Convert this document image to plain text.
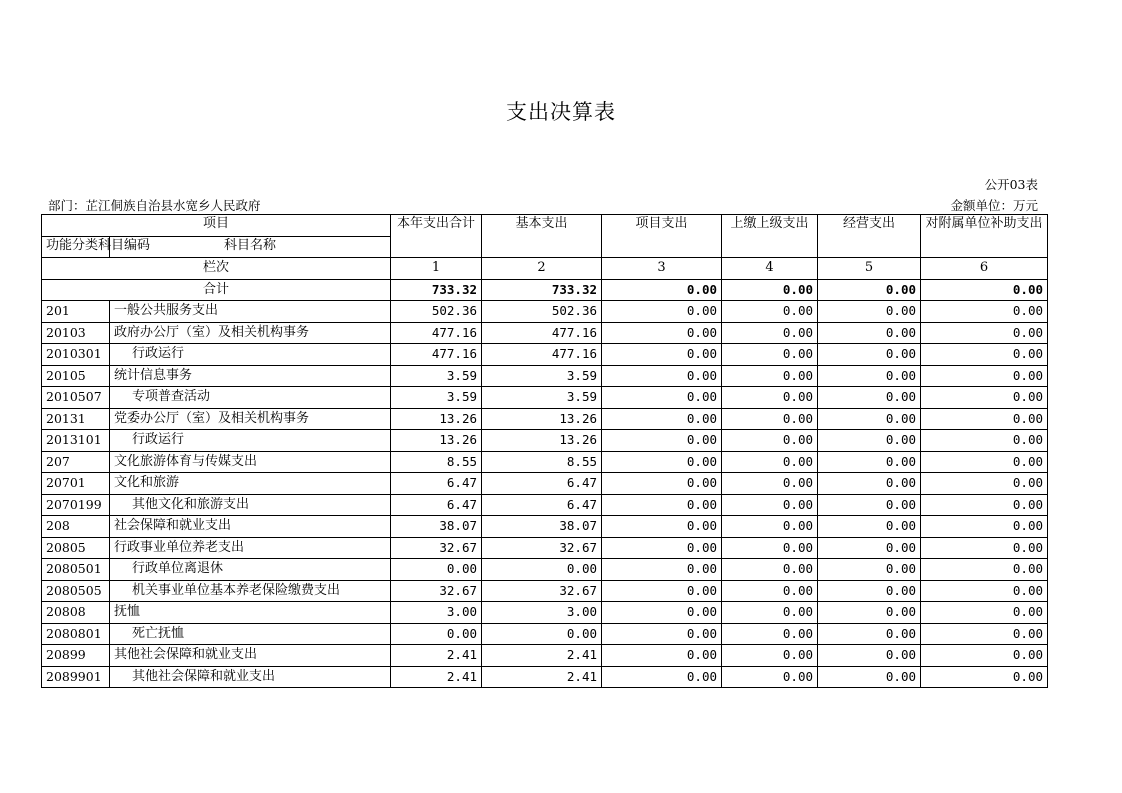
支出决算表
公开03表
部门：芷江侗族自治县水宽乡人民政府	金额单位：万元
项目		本年支出合计	基本支出	项目支出	上缴上级支出	经营支出	对附属单位补助支出
功能分类科目编码	科目名称						
栏次		1	2	3	4	5	6
合计		733.32	733.32	0.00	0.00	0.00	0.00
201	一般公共服务支出	502.36	502.36	0.00	0.00	0.00	0.00
20103	政府办公厅（室）及相关机构事务	477.16	477.16	0.00	0.00	0.00	0.00
2010301	行政运行	477.16	477.16	0.00	0.00	0.00	0.00
20105	统计信息事务	3.59	3.59	0.00	0.00	0.00	0.00
2010507	专项普查活动	3.59	3.59	0.00	0.00	0.00	0.00
20131	党委办公厅（室）及相关机构事务	13.26	13.26	0.00	0.00	0.00	0.00
2013101	行政运行	13.26	13.26	0.00	0.00	0.00	0.00
207	文化旅游体育与传媒支出	8.55	8.55	0.00	0.00	0.00	0.00
20701	文化和旅游	6.47	6.47	0.00	0.00	0.00	0.00
2070199	其他文化和旅游支出	6.47	6.47	0.00	0.00	0.00	0.00
208	社会保障和就业支出	38.07	38.07	0.00	0.00	0.00	0.00
20805	行政事业单位养老支出	32.67	32.67	0.00	0.00	0.00	0.00
2080501	行政单位离退休	0.00	0.00	0.00	0.00	0.00	0.00
2080505	机关事业单位基本养老保险缴费支出	32.67	32.67	0.00	0.00	0.00	0.00
20808	抚恤	3.00	3.00	0.00	0.00	0.00	0.00
2080801	死亡抚恤	0.00	0.00	0.00	0.00	0.00	0.00
20899	其他社会保障和就业支出	2.41	2.41	0.00	0.00	0.00	0.00
2089901	其他社会保障和就业支出	2.41	2.41	0.00	0.00	0.00	0.00
